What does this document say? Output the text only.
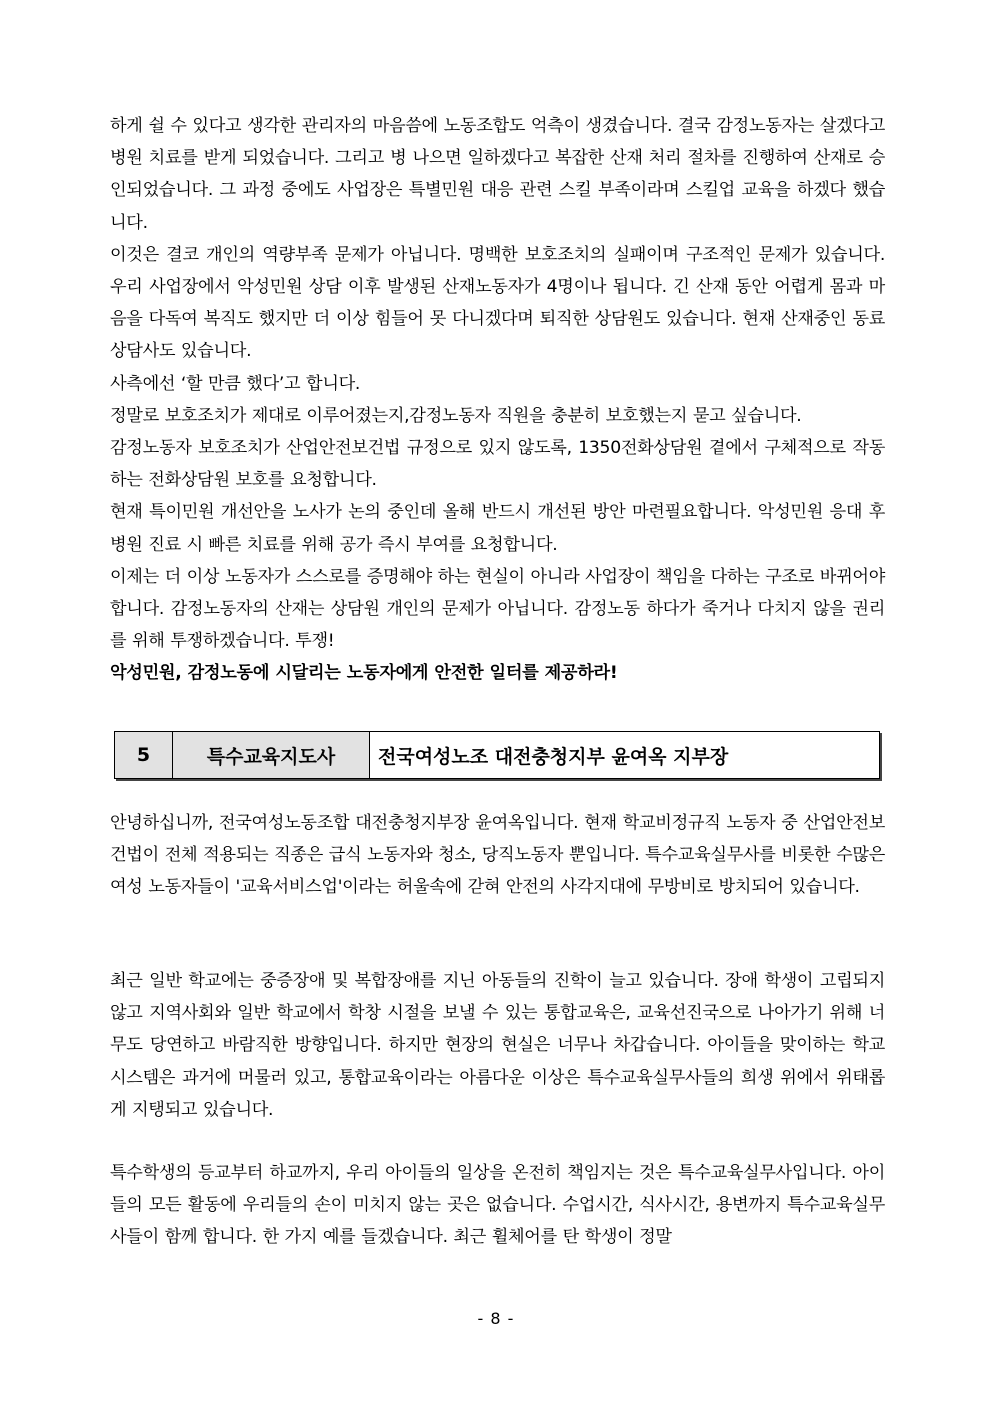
하게 쉴 수 있다고 생각한 관리자의 마음씀에 노동조합도 억측이 생겼습니다. 결국 감정노동자는 살겠다고 병원 치료를 받게 되었습니다. 그리고 병 나으면 일하겠다고 복잡한 산재 처리 절차를 진행하여 산재로 승인되었습니다. 그 과정 중에도 사업장은 특별민원 대응 관련 스킬 부족이라며 스킬업 교육을 하겠다 했습니다.

이것은 결코 개인의 역량부족 문제가 아닙니다. 명백한 보호조치의 실패이며 구조적인 문제가 있습니다. 우리 사업장에서 악성민원 상담 이후 발생된 산재노동자가 4명이나 됩니다. 긴 산재 동안 어렵게 몸과 마음을 다독여 복직도 했지만 더 이상 힘들어 못 다니겠다며 퇴직한 상담원도 있습니다. 현재 산재중인 동료상담사도 있습니다.

사측에선 ‘할 만큼 했다’고 합니다.

정말로 보호조치가 제대로 이루어졌는지,감정노동자 직원을 충분히 보호했는지 묻고 싶습니다.

감정노동자 보호조치가 산업안전보건법 규정으로 있지 않도록, 1350전화상담원 곁에서 구체적으로 작동하는 전화상담원 보호를 요청합니다.

현재 특이민원 개선안을 노사가 논의 중인데 올해 반드시 개선된 방안 마련필요합니다. 악성민원 응대 후 병원 진료 시 빠른 치료를 위해 공가 즉시 부여를 요청합니다.

이제는 더 이상 노동자가 스스로를 증명해야 하는 현실이 아니라 사업장이 책임을 다하는 구조로 바뀌어야 합니다. 감정노동자의 산재는 상담원 개인의 문제가 아닙니다. 감정노동 하다가 죽거나 다치지 않을 권리를 위해 투쟁하겠습니다. 투쟁!

악성민원, 감정노동에 시달리는 노동자에게 안전한 일터를 제공하라!

5	특수교육지도사	전국여성노조 대전충청지부 윤여옥 지부장

안녕하십니까, 전국여성노동조합 대전충청지부장 윤여옥입니다. 현재 학교비정규직 노동자 중 산업안전보건법이 전체 적용되는 직종은 급식 노동자와 청소, 당직노동자 뿐입니다. 특수교육실무사를 비롯한 수많은 여성 노동자들이 '교육서비스업'이라는 허울속에 갇혀 안전의 사각지대에 무방비로 방치되어 있습니다.

최근 일반 학교에는 중증장애 및 복합장애를 지닌 아동들의 진학이 늘고 있습니다. 장애 학생이 고립되지 않고 지역사회와 일반 학교에서 학창 시절을 보낼 수 있는 통합교육은, 교육선진국으로 나아가기 위해 너무도 당연하고 바람직한 방향입니다. 하지만 현장의 현실은 너무나 차갑습니다. 아이들을 맞이하는 학교 시스템은 과거에 머물러 있고, 통합교육이라는 아름다운 이상은 특수교육실무사들의 희생 위에서 위태롭게 지탱되고 있습니다.

특수학생의 등교부터 하교까지, 우리 아이들의 일상을 온전히 책임지는 것은 특수교육실무사입니다. 아이들의 모든 활동에 우리들의 손이 미치지 않는 곳은 없습니다. 수업시간, 식사시간, 용변까지 특수교육실무사들이 함께 합니다. 한 가지 예를 들겠습니다. 최근 휠체어를 탄 학생이 정말

- 8 -
